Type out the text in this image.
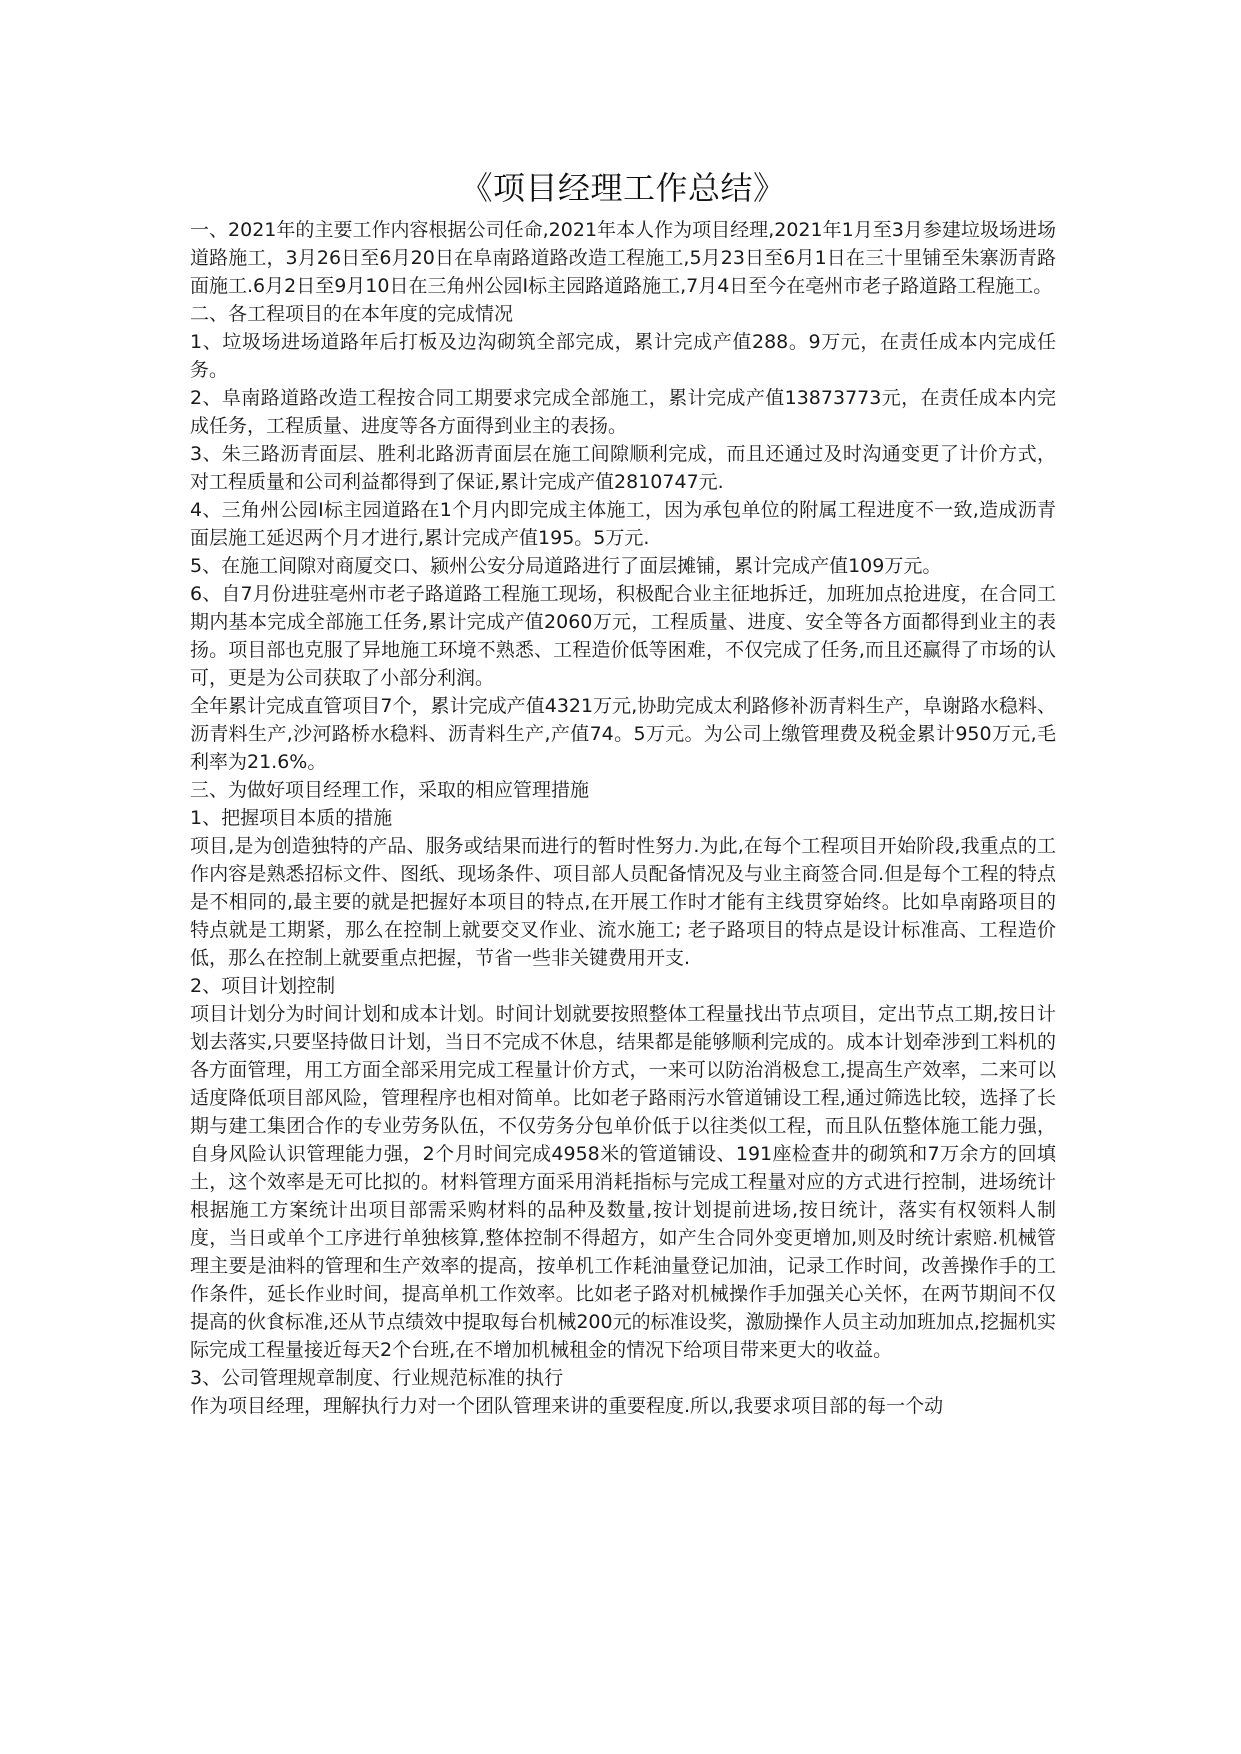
《项目经理工作总结》

一、2021年的主要工作内容根据公司任命,2021年本人作为项目经理,2021年1月至3月参建垃圾场进场道路施工，3月26日至6月20日在阜南路道路改造工程施工,5月23日至6月1日在三十里铺至朱寨沥青路面施工.6月2日至9月10日在三角州公园I标主园路道路施工,7月4日至今在亳州市老子路道路工程施工。

二、各工程项目的在本年度的完成情况

1、垃圾场进场道路年后打板及边沟砌筑全部完成，累计完成产值288。9万元，在责任成本内完成任务。

2、阜南路道路改造工程按合同工期要求完成全部施工，累计完成产值13873773元，在责任成本内完成任务，工程质量、进度等各方面得到业主的表扬。

3、朱三路沥青面层、胜利北路沥青面层在施工间隙顺利完成，而且还通过及时沟通变更了计价方式，对工程质量和公司利益都得到了保证,累计完成产值2810747元.

4、三角州公园I标主园道路在1个月内即完成主体施工，因为承包单位的附属工程进度不一致,造成沥青面层施工延迟两个月才进行,累计完成产值195。5万元.

5、在施工间隙对商厦交口、颍州公安分局道路进行了面层摊铺，累计完成产值109万元。

6、自7月份进驻亳州市老子路道路工程施工现场，积极配合业主征地拆迁，加班加点抢进度，在合同工期内基本完成全部施工任务,累计完成产值2060万元，工程质量、进度、安全等各方面都得到业主的表扬。项目部也克服了异地施工环境不熟悉、工程造价低等困难，不仅完成了任务,而且还赢得了市场的认可，更是为公司获取了小部分利润。

全年累计完成直管项目7个，累计完成产值4321万元,协助完成太利路修补沥青料生产，阜谢路水稳料、沥青料生产,沙河路桥水稳料、沥青料生产,产值74。5万元。为公司上缴管理费及税金累计950万元,毛利率为21.6%。

三、为做好项目经理工作，采取的相应管理措施

1、把握项目本质的措施

项目,是为创造独特的产品、服务或结果而进行的暂时性努力.为此,在每个工程项目开始阶段,我重点的工作内容是熟悉招标文件、图纸、现场条件、项目部人员配备情况及与业主商签合同.但是每个工程的特点是不相同的,最主要的就是把握好本项目的特点,在开展工作时才能有主线贯穿始终。比如阜南路项目的特点就是工期紧，那么在控制上就要交叉作业、流水施工; 老子路项目的特点是设计标准高、工程造价低，那么在控制上就要重点把握，节省一些非关键费用开支.

2、项目计划控制

项目计划分为时间计划和成本计划。时间计划就要按照整体工程量找出节点项目，定出节点工期,按日计划去落实,只要坚持做日计划，当日不完成不休息，结果都是能够顺利完成的。成本计划牵涉到工料机的各方面管理，用工方面全部采用完成工程量计价方式，一来可以防治消极怠工,提高生产效率，二来可以适度降低项目部风险，管理程序也相对简单。比如老子路雨污水管道铺设工程,通过筛选比较，选择了长期与建工集团合作的专业劳务队伍，不仅劳务分包单价低于以往类似工程，而且队伍整体施工能力强，自身风险认识管理能力强，2个月时间完成4958米的管道铺设、191座检查井的砌筑和7万余方的回填土，这个效率是无可比拟的。材料管理方面采用消耗指标与完成工程量对应的方式进行控制，进场统计根据施工方案统计出项目部需采购材料的品种及数量,按计划提前进场,按日统计，落实有权领料人制度，当日或单个工序进行单独核算,整体控制不得超方，如产生合同外变更增加,则及时统计索赔.机械管理主要是油料的管理和生产效率的提高，按单机工作耗油量登记加油，记录工作时间，改善操作手的工作条件，延长作业时间，提高单机工作效率。比如老子路对机械操作手加强关心关怀，在两节期间不仅提高的伙食标准,还从节点绩效中提取每台机械200元的标准设奖，激励操作人员主动加班加点,挖掘机实际完成工程量接近每天2个台班,在不增加机械租金的情况下给项目带来更大的收益。

3、公司管理规章制度、行业规范标准的执行

作为项目经理，理解执行力对一个团队管理来讲的重要程度.所以,我要求项目部的每一个动
